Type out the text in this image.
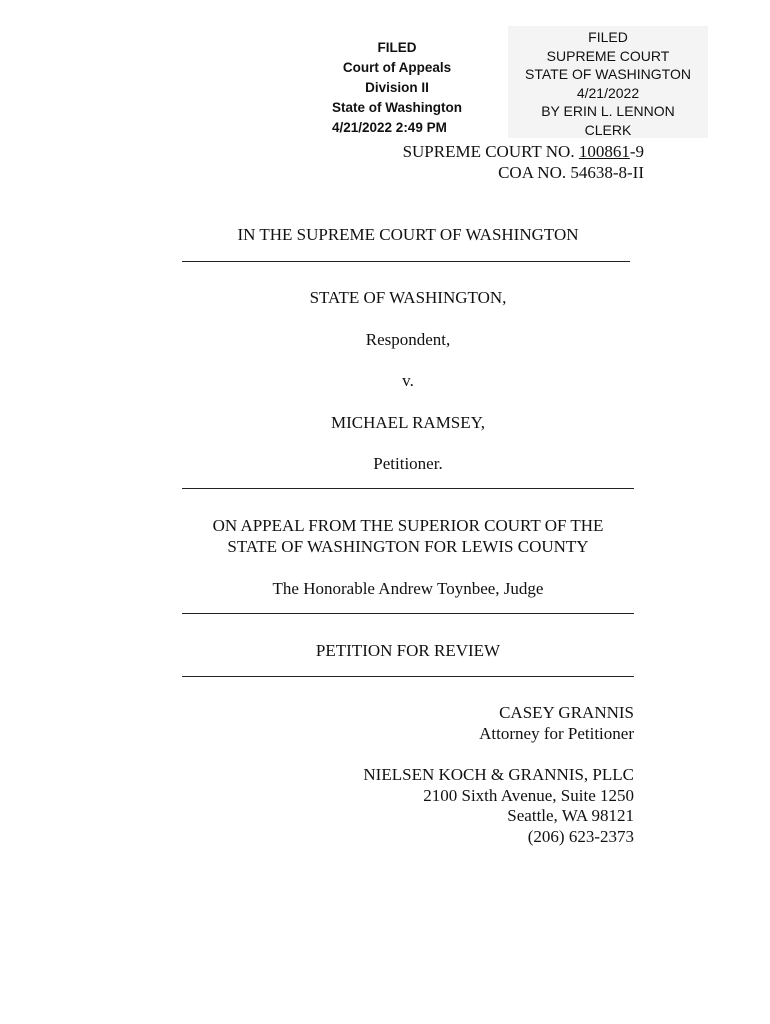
FILED
Court of Appeals
Division II
State of Washington
4/21/2022 2:49 PM
FILED
SUPREME COURT
STATE OF WASHINGTON
4/21/2022
BY ERIN L. LENNON
CLERK
SUPREME COURT NO. 100861-9
COA NO. 54638-8-II
IN THE SUPREME COURT OF WASHINGTON
STATE OF WASHINGTON,
Respondent,
v.
MICHAEL RAMSEY,
Petitioner.
ON APPEAL FROM THE SUPERIOR COURT OF THE
STATE OF WASHINGTON FOR LEWIS COUNTY
The Honorable Andrew Toynbee, Judge
PETITION FOR REVIEW
CASEY GRANNIS
Attorney for Petitioner
NIELSEN KOCH & GRANNIS, PLLC
2100 Sixth Avenue, Suite 1250
Seattle, WA 98121
(206) 623-2373
